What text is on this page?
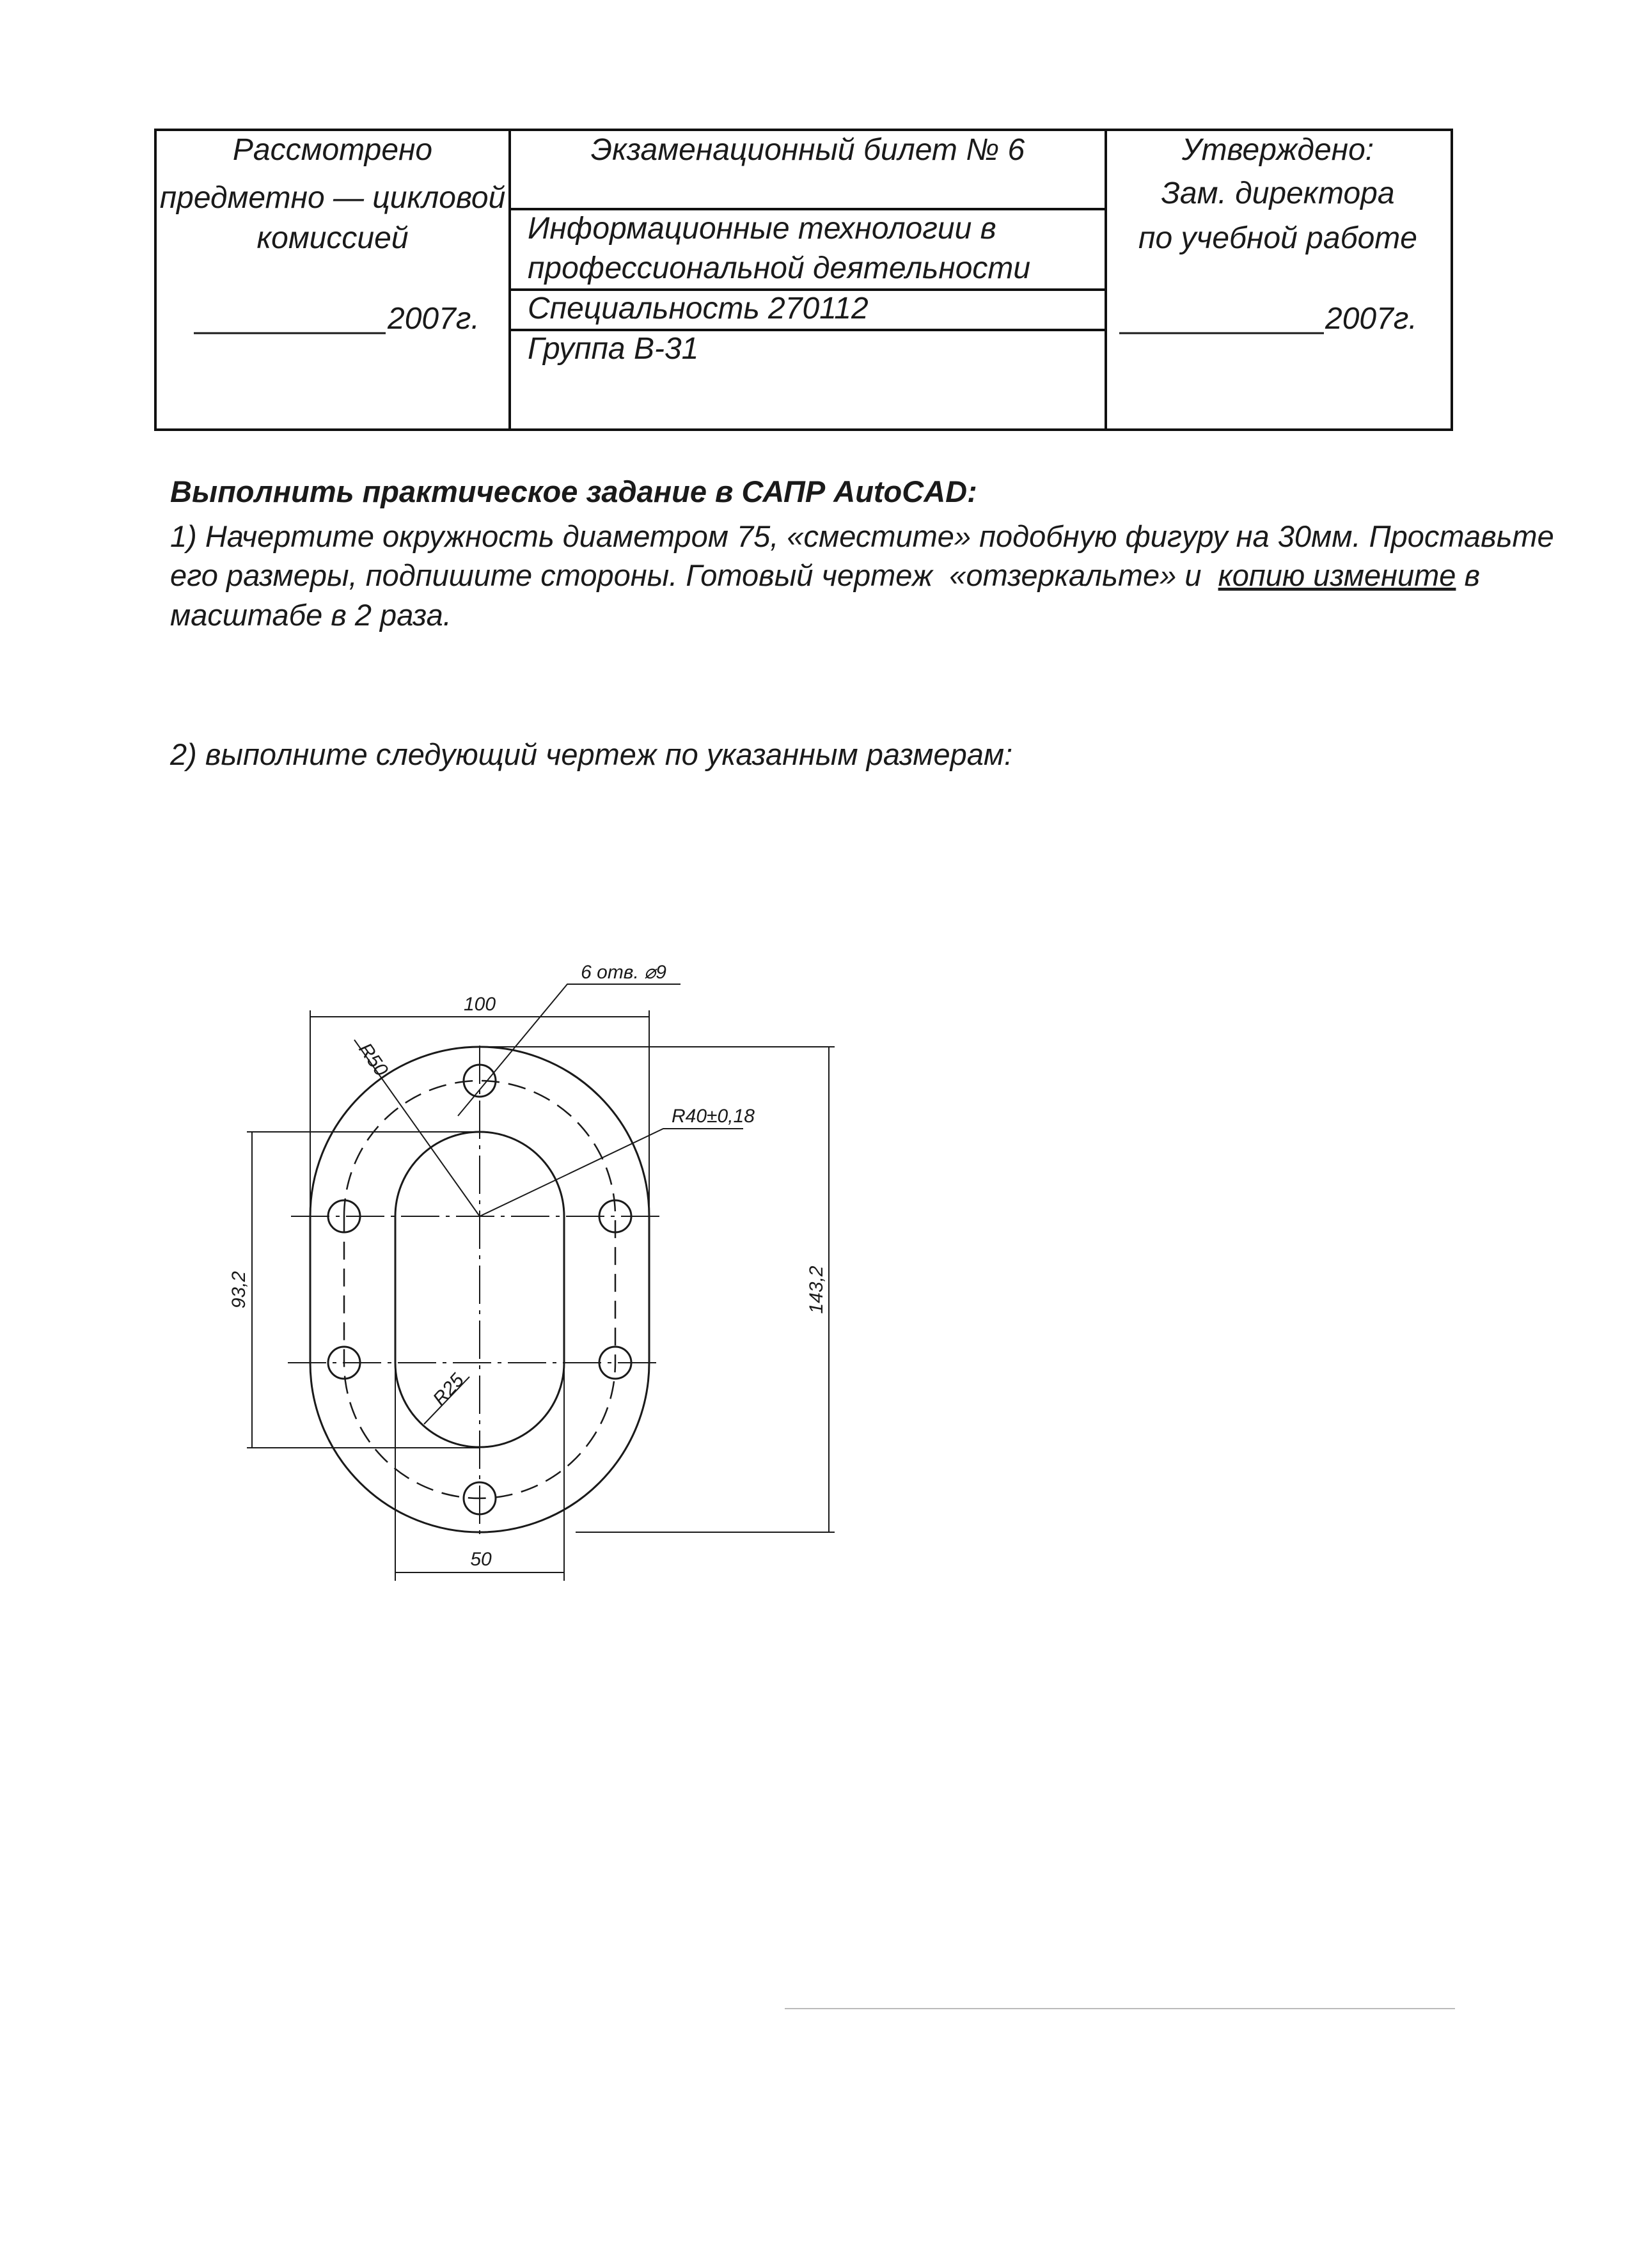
Рассмотрено
предметно — цикловой
комиссией
2007г.
Экзаменационный билет № 6
Информационные технологии в
профессиональной деятельности
Специальность 270112
Группа В-31
Утверждено:
Зам. директора
по учебной работе
2007г.
Выполнить практическое задание в САПР AutoCAD:
1) Начертите окружность диаметром 75, «сместите» подобную фигуру на 30мм. Проставьте
его размеры, подпишите стороны. Готовый чертеж  «отзеркальте» и  копию измените в
масштабе в 2 раза.
2) выполните следующий чертеж по указанным размерам:
100
6 отв. ⌀9
R50
R40±0,18
93,2	143,2
R25
50
